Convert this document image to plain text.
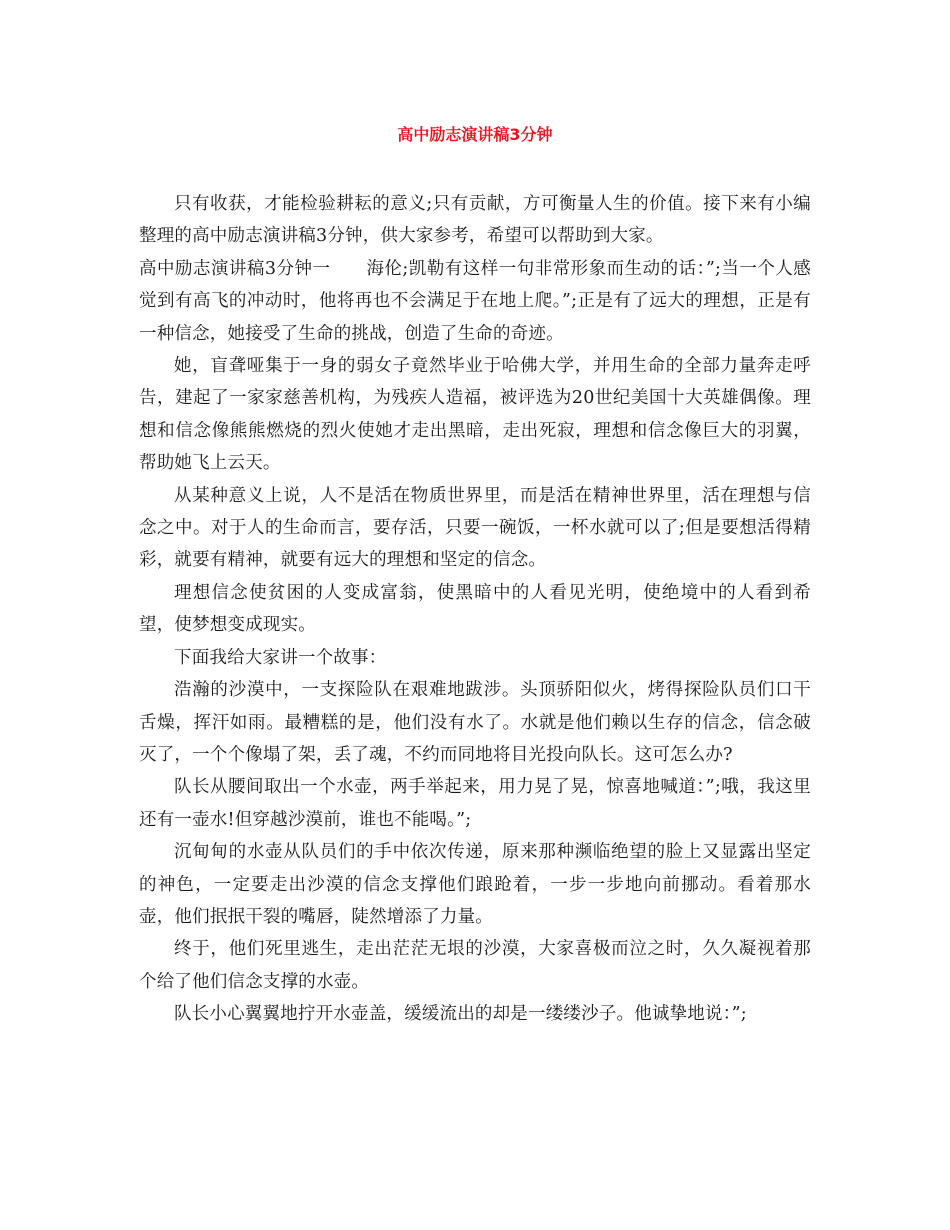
高中励志演讲稿3分钟

只有收获，才能检验耕耘的意义;只有贡献，方可衡量人生的价值。接下来有小编整理的高中励志演讲稿3分钟，供大家参考，希望可以帮助到大家。

高中励志演讲稿3分钟一　　海伦;凯勒有这样一句非常形象而生动的话：”;当一个人感觉到有高飞的冲动时，他将再也不会满足于在地上爬。”;正是有了远大的理想，正是有一种信念，她接受了生命的挑战，创造了生命的奇迹。

她，盲聋哑集于一身的弱女子竟然毕业于哈佛大学，并用生命的全部力量奔走呼告，建起了一家家慈善机构，为残疾人造福，被评选为20世纪美国十大英雄偶像。理想和信念像熊熊燃烧的烈火使她才走出黑暗，走出死寂，理想和信念像巨大的羽翼，帮助她飞上云天。

从某种意义上说，人不是活在物质世界里，而是活在精神世界里，活在理想与信念之中。对于人的生命而言，要存活，只要一碗饭，一杯水就可以了;但是要想活得精彩，就要有精神，就要有远大的理想和坚定的信念。

理想信念使贫困的人变成富翁，使黑暗中的人看见光明，使绝境中的人看到希望，使梦想变成现实。

下面我给大家讲一个故事：

浩瀚的沙漠中，一支探险队在艰难地跋涉。头顶骄阳似火，烤得探险队员们口干舌燥，挥汗如雨。最糟糕的是，他们没有水了。水就是他们赖以生存的信念，信念破灭了，一个个像塌了架，丢了魂，不约而同地将目光投向队长。这可怎么办?

队长从腰间取出一个水壶，两手举起来，用力晃了晃，惊喜地喊道：”;哦，我这里还有一壶水!但穿越沙漠前，谁也不能喝。”;

沉甸甸的水壶从队员们的手中依次传递，原来那种濒临绝望的脸上又显露出坚定的神色，一定要走出沙漠的信念支撑他们踉跄着，一步一步地向前挪动。看着那水壶，他们抿抿干裂的嘴唇，陡然增添了力量。

终于，他们死里逃生，走出茫茫无垠的沙漠，大家喜极而泣之时，久久凝视着那个给了他们信念支撑的水壶。

队长小心翼翼地拧开水壶盖，缓缓流出的却是一缕缕沙子。他诚挚地说：”;
